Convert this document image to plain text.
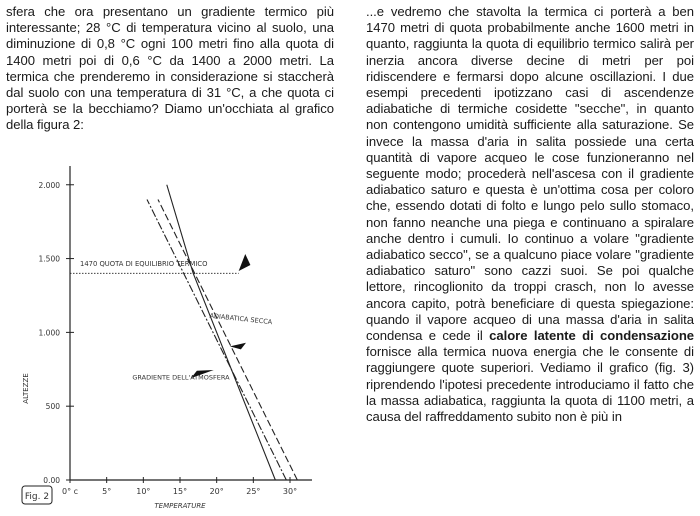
sfera che ora presentano un gradiente termico più interessante; 28 °C di temperatura vicino al suolo, una diminuzione di 0,8 °C ogni 100 metri fino alla quota di 1400 metri poi di 0,6 °C da 1400 a 2000 metri. La termica che prenderemo in considerazione si staccherà dal suolo con una temperatura di 31 °C, a che quota ci porterà se la becchiamo? Diamo un'occhiata al grafico della figura 2:

...e vedremo che stavolta la termica ci porterà a ben 1470 metri di quota probabilmente anche 1600 metri in quanto, raggiunta la quota di equilibrio termico salirà per inerzia ancora diverse decine di metri per poi ridiscendere e fermarsi dopo alcune oscillazioni. I due esempi precedenti ipotizzano casi di ascendenze adiabatiche di termiche cosidette "secche", in quanto non contengono umidità sufficiente alla saturazione. Se invece la massa d'aria in salita possiede una certa quantità di vapore acqueo le cose funzioneranno nel seguente modo; procederà nell'ascesa con il gradiente adiabatico saturo e questa è un'ottima cosa per coloro che, essendo dotati di folto e lungo pelo sullo stomaco, non fanno neanche una piega e continuano a spiralare anche dentro i cumuli. Io continuo a volare "gradiente adiabatico secco", se a qualcuno piace volare "gradiente adiabatico saturo" sono cazzi suoi. Se poi qualche lettore, rincoglionito da troppi crasch, non lo avesse ancora capito, potrà beneficiare di questa spiegazione: quando il vapore acqueo di una massa d'aria in salita condensa e cede il calore latente di condensazione fornisce alla termica nuova energia che le consente di raggiungere quote superiori. Vediamo il grafico (fig. 3) riprendendo l'ipotesi precedente introduciamo il fatto che la massa adiabatica, raggiunta la quota di 1100 metri, a causa del raffreddamento subito non è più in

0.00
500
1.000
1.500
2.000
0° c	5°	10°	15°	20°	25°	30°
1470 QUOTA DI EQUILIBRIO TERMICO
ADIABATICA SECCA
GRADIENTE DELL'ATMOSFERA
ALTEZZE
TEMPERATURE
Fig. 2
